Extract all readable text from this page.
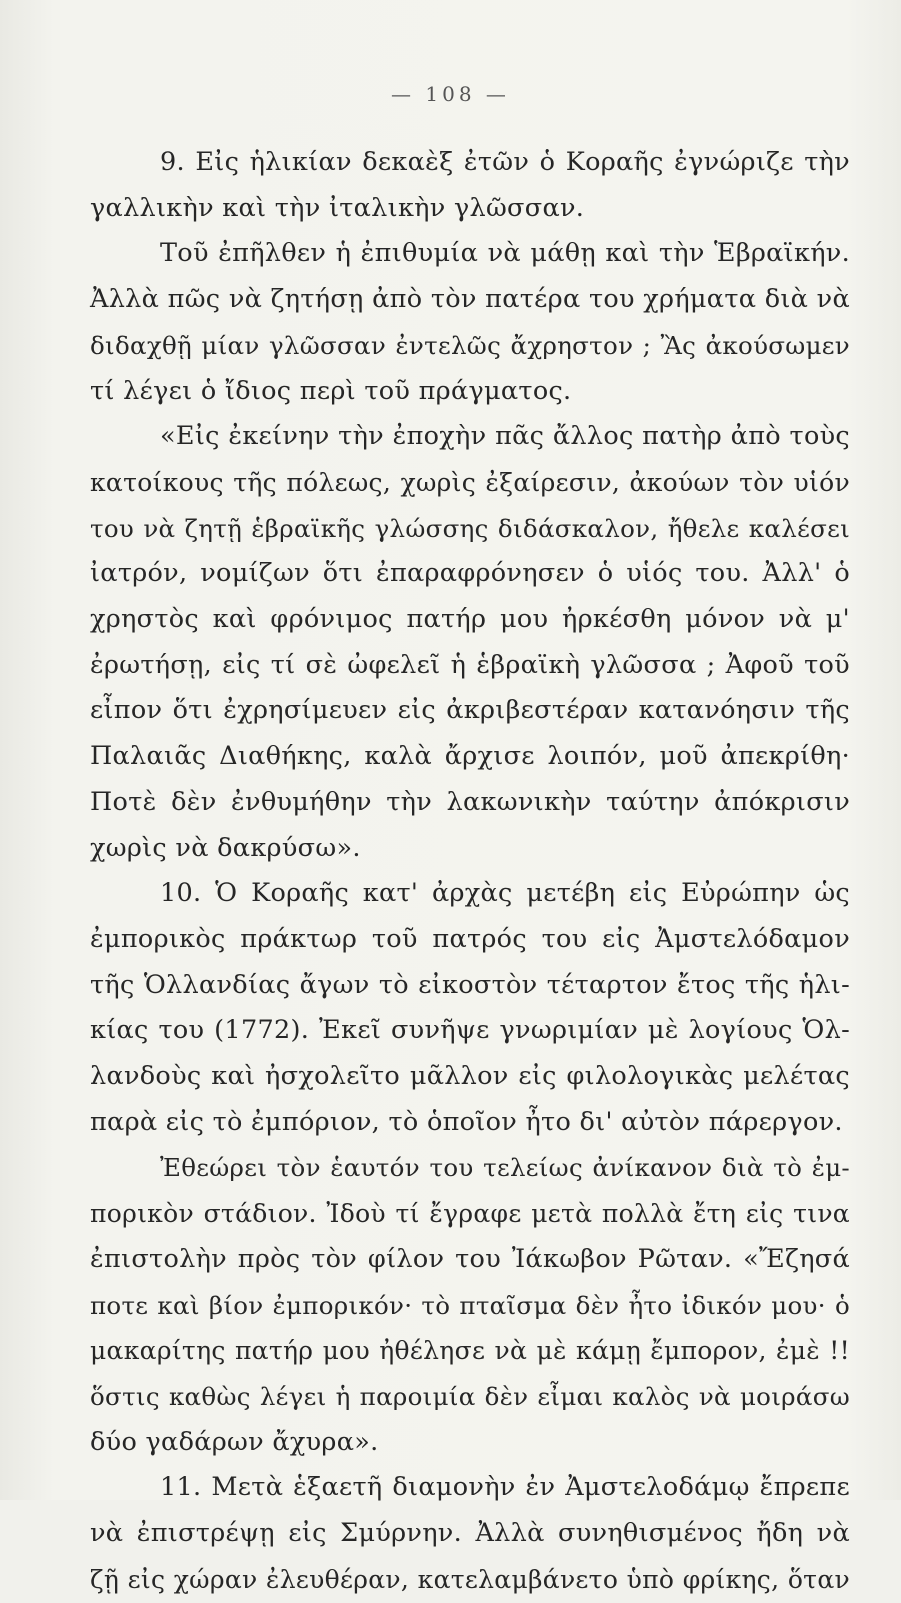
— 108 —
9. Εἰς ἡλικίαν δεκαὲξ ἐτῶν ὁ Κοραῆς ἐγνώριζε τὴν
γαλλικὴν καὶ τὴν ἰταλικὴν γλῶσσαν.
Τοῦ ἐπῆλθεν ἡ ἐπιθυμία νὰ μάθῃ καὶ τὴν Ἑβραϊκήν.
Ἀλλὰ πῶς νὰ ζητήσῃ ἀπὸ τὸν πατέρα του χρήματα διὰ νὰ
διδαχθῇ μίαν γλῶσσαν ἐντελῶς ἄχρηστον ; Ἂς ἀκούσωμεν
τί λέγει ὁ ἴδιος περὶ τοῦ πράγματος.
«Εἰς ἐκείνην τὴν ἐποχὴν πᾶς ἄλλος πατὴρ ἀπὸ τοὺς
κατοίκους τῆς πόλεως, χωρὶς ἐξαίρεσιν, ἀκούων τὸν υἱόν
του νὰ ζητῇ ἑβραϊκῆς γλώσσης διδάσκαλον, ἤθελε καλέσει
ἰατρόν, νομίζων ὅτι ἐπαραφρόνησεν ὁ υἱός του. Ἀλλ' ὁ
χρηστὸς καὶ φρόνιμος πατήρ μου ἠρκέσθη μόνον νὰ μ'
ἐρωτήσῃ, εἰς τί σὲ ὠφελεῖ ἡ ἑβραϊκὴ γλῶσσα ; Ἀφοῦ τοῦ
εἶπον ὅτι ἐχρησίμευεν εἰς ἀκριβεστέραν κατανόησιν τῆς
Παλαιᾶς Διαθήκης, καλὰ ἄρχισε λοιπόν, μοῦ ἀπεκρίθη·
Ποτὲ δὲν ἐνθυμήθην τὴν λακωνικὴν ταύτην ἀπόκρισιν
χωρὶς νὰ δακρύσω».
10. Ὁ Κοραῆς κατ' ἀρχὰς μετέβη εἰς Εὐρώπην ὡς
ἐμπορικὸς πράκτωρ τοῦ πατρός του εἰς Ἀμστελόδαμον
τῆς Ὁλλανδίας ἄγων τὸ εἰκοστὸν τέταρτον ἔτος τῆς ἡλι-
κίας του (1772). Ἐκεῖ συνῆψε γνωριμίαν μὲ λογίους Ὁλ-
λανδοὺς καὶ ἠσχολεῖτο μᾶλλον εἰς φιλολογικὰς μελέτας
παρὰ εἰς τὸ ἐμπόριον, τὸ ὁποῖον ἦτο δι' αὐτὸν πάρεργον.
Ἐθεώρει τὸν ἑαυτόν του τελείως ἀνίκανον διὰ τὸ ἐμ-
πορικὸν στάδιον. Ἰδοὺ τί ἔγραφε μετὰ πολλὰ ἔτη εἰς τινα
ἐπιστολὴν πρὸς τὸν φίλον του Ἰάκωβον Ρῶταν. «Ἔζησά
ποτε καὶ βίον ἐμπορικόν· τὸ πταῖσμα δὲν ἦτο ἰδικόν μου· ὁ
μακαρίτης πατήρ μου ἠθέλησε νὰ μὲ κάμῃ ἔμπορον, ἐμὲ !!
ὅστις καθὼς λέγει ἡ παροιμία δὲν εἶμαι καλὸς νὰ μοιράσω
δύο γαδάρων ἄχυρα».
11. Μετὰ ἑξαετῆ διαμονὴν ἐν Ἀμστελοδάμῳ ἔπρεπε
νὰ ἐπιστρέψῃ εἰς Σμύρνην. Ἀλλὰ συνηθισμένος ἤδη νὰ
ζῇ εἰς χώραν ἐλευθέραν, κατελαμβάνετο ὑπὸ φρίκης, ὅταν
